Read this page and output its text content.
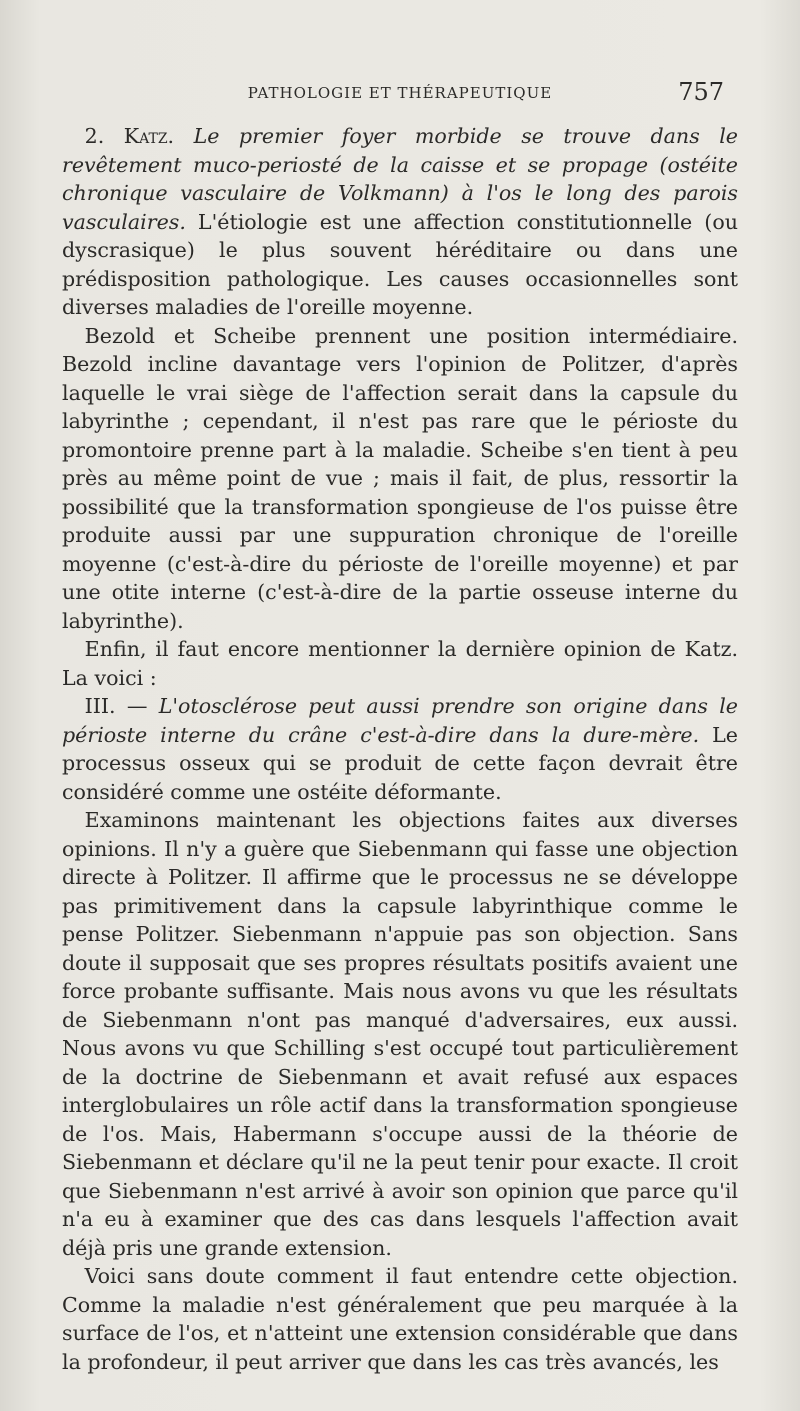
PATHOLOGIE ET THÉRAPEUTIQUE	757

2. Katz. Le premier foyer morbide se trouve dans le revêtement muco-periosté de la caisse et se propage (ostéite chronique vasculaire de Volkmann) à l'os le long des parois vasculaires. L'étiologie est une affection constitutionnelle (ou dyscrasique) le plus souvent héréditaire ou dans une prédisposition pathologique. Les causes occasionnelles sont diverses maladies de l'oreille moyenne.

Bezold et Scheibe prennent une position intermédiaire. Bezold incline davantage vers l'opinion de Politzer, d'après laquelle le vrai siège de l'affection serait dans la capsule du labyrinthe ; cependant, il n'est pas rare que le périoste du promontoire prenne part à la maladie. Scheibe s'en tient à peu près au même point de vue ; mais il fait, de plus, ressortir la possibilité que la transformation spongieuse de l'os puisse être produite aussi par une suppuration chronique de l'oreille moyenne (c'est-à-dire du périoste de l'oreille moyenne) et par une otite interne (c'est-à-dire de la partie osseuse interne du labyrinthe).

Enfin, il faut encore mentionner la dernière opinion de Katz. La voici :

III. — L'otosclérose peut aussi prendre son origine dans le périoste interne du crâne c'est-à-dire dans la dure-mère. Le processus osseux qui se produit de cette façon devrait être considéré comme une ostéite déformante.

Examinons maintenant les objections faites aux diverses opinions. Il n'y a guère que Siebenmann qui fasse une objection directe à Politzer. Il affirme que le processus ne se développe pas primitivement dans la capsule labyrinthique comme le pense Politzer. Siebenmann n'appuie pas son objection. Sans doute il supposait que ses propres résultats positifs avaient une force probante suffisante. Mais nous avons vu que les résultats de Siebenmann n'ont pas manqué d'adversaires, eux aussi. Nous avons vu que Schilling s'est occupé tout particulièrement de la doctrine de Siebenmann et avait refusé aux espaces interglobulaires un rôle actif dans la transformation spongieuse de l'os. Mais, Habermann s'occupe aussi de la théorie de Siebenmann et déclare qu'il ne la peut tenir pour exacte. Il croit que Siebenmann n'est arrivé à avoir son opinion que parce qu'il n'a eu à examiner que des cas dans lesquels l'affection avait déjà pris une grande extension.

Voici sans doute comment il faut entendre cette objection. Comme la maladie n'est généralement que peu marquée à la surface de l'os, et n'atteint une extension considérable que dans la profondeur, il peut arriver que dans les cas très avancés, les
